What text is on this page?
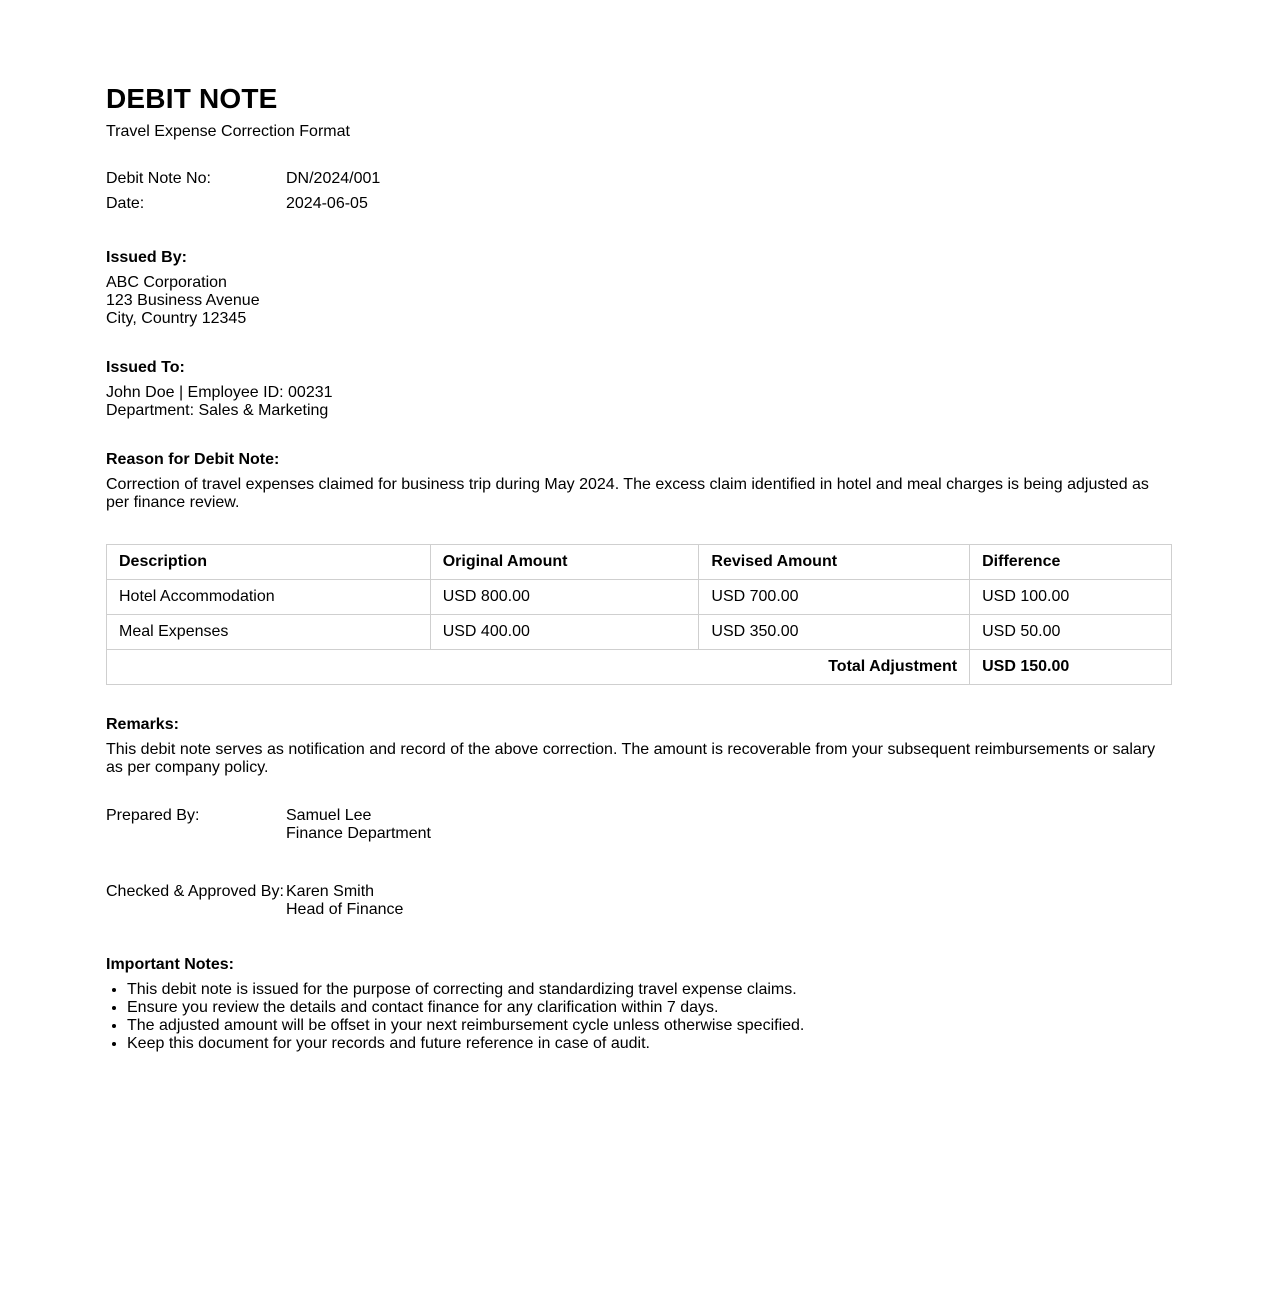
DEBIT NOTE
Travel Expense Correction Format
Debit Note No:	DN/2024/001
Date:	2024-06-05
Issued By:
ABC Corporation
123 Business Avenue
City, Country 12345
Issued To:
John Doe | Employee ID: 00231
Department: Sales & Marketing
Reason for Debit Note:
Correction of travel expenses claimed for business trip during May 2024. The excess claim identified in hotel and meal charges is being adjusted as per finance review.
Description	Original Amount	Revised Amount	Difference
Hotel Accommodation	USD 800.00	USD 700.00	USD 100.00
Meal Expenses	USD 400.00	USD 350.00	USD 50.00
Total Adjustment			USD 150.00
Remarks:
This debit note serves as notification and record of the above correction. The amount is recoverable from your subsequent reimbursements or salary as per company policy.
Prepared By:	Samuel Lee
Finance Department
Checked & Approved By: Karen Smith
Head of Finance
Important Notes:
• This debit note is issued for the purpose of correcting and standardizing travel expense claims.
• Ensure you review the details and contact finance for any clarification within 7 days.
• The adjusted amount will be offset in your next reimbursement cycle unless otherwise specified.
• Keep this document for your records and future reference in case of audit.
